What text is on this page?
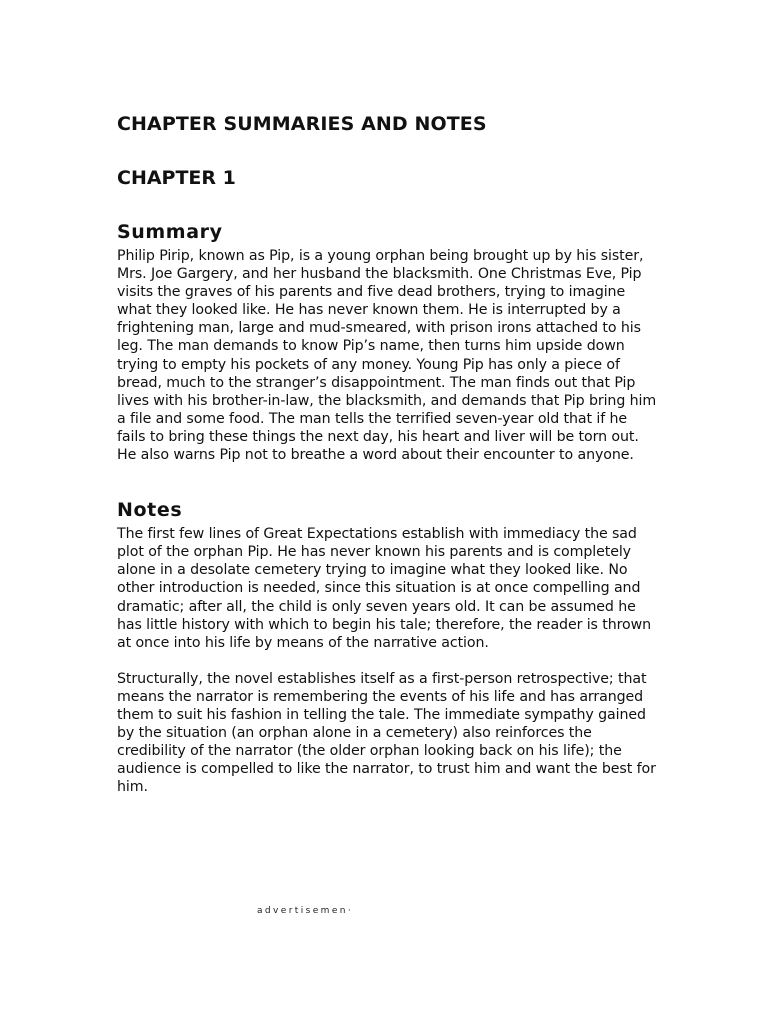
CHAPTER SUMMARIES AND NOTES
CHAPTER 1
Summary

Philip Pirip, known as Pip, is a young orphan being brought up by his sister, Mrs. Joe Gargery, and her husband the blacksmith. One Christmas Eve, Pip visits the graves of his parents and five dead brothers, trying to imagine what they looked like. He has never known them. He is interrupted by a frightening man, large and mud-smeared, with prison irons attached to his leg. The man demands to know Pip’s name, then turns him upside down trying to empty his pockets of any money. Young Pip has only a piece of bread, much to the stranger’s disappointment. The man finds out that Pip lives with his brother-in-law, the blacksmith, and demands that Pip bring him a file and some food. The man tells the terrified seven-year old that if he fails to bring these things the next day, his heart and liver will be torn out. He also warns Pip not to breathe a word about their encounter to anyone.

Notes

The first few lines of Great Expectations establish with immediacy the sad plot of the orphan Pip. He has never known his parents and is completely alone in a desolate cemetery trying to imagine what they looked like. No other introduction is needed, since this situation is at once compelling and dramatic; after all, the child is only seven years old. It can be assumed he has little history with which to begin his tale; therefore, the reader is thrown at once into his life by means of the narrative action.

Structurally, the novel establishes itself as a first-person retrospective; that means the narrator is remembering the events of his life and has arranged them to suit his fashion in telling the tale. The immediate sympathy gained by the situation (an orphan alone in a cemetery) also reinforces the credibility of the narrator (the older orphan looking back on his life); the audience is compelled to like the narrator, to trust him and want the best for him.

advertisemen·
